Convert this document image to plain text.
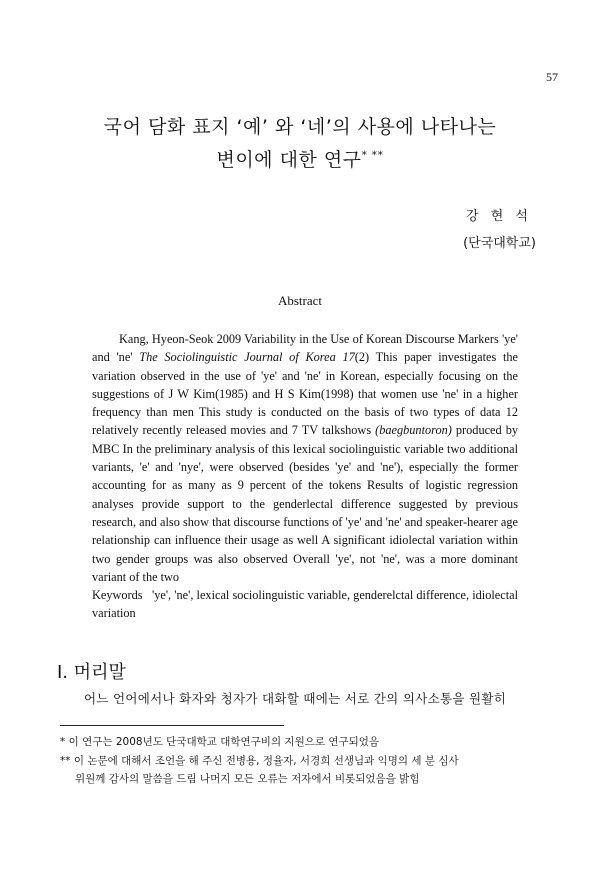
57
국어 담화 표지 ‘예’ 와 ‘네’의 사용에 나타나는
변이에 대한 연구* **
강 현 석
(단국대학교)
Abstract

Kang, Hyeon-Seok 2009 Variability in the Use of Korean Discourse Markers 'ye' and 'ne' The Sociolinguistic Journal of Korea 17(2) This paper investigates the variation observed in the use of 'ye' and 'ne' in Korean, especially focusing on the suggestions of J W Kim(1985) and H S Kim(1998) that women use 'ne' in a higher frequency than men This study is conducted on the basis of two types of data 12 relatively recently released movies and 7 TV talkshows (baegbuntoron) produced by MBC In the preliminary analysis of this lexical sociolinguistic variable two additional variants, 'e' and 'nye', were observed (besides 'ye' and 'ne'), especially the former accounting for as many as 9 percent of the tokens Results of logistic regression analyses provide support to the genderlectal difference suggested by previous research, and also show that discourse functions of 'ye' and 'ne' and speaker-hearer age relationship can influence their usage as well A significant idiolectal variation within two gender groups was also observed Overall 'ye', not 'ne', was a more dominant variant of the two

Keywords 'ye', 'ne', lexical sociolinguistic variable, genderelctal difference, idiolectal variation

I. 머리말
어느 언어에서나 화자와 청자가 대화할 때에는 서로 간의 의사소통을 원활히
* 이 연구는 2008년도 단국대학교 대학연구비의 지원으로 연구되었음
** 이 논문에 대해서 조언을 해 주신 전병용, 정율자, 서경희 선생님과 익명의 세 분 심사
위원께 감사의 말씀을 드림 나머지 모든 오류는 저자에서 비롯되었음을 밝힘
